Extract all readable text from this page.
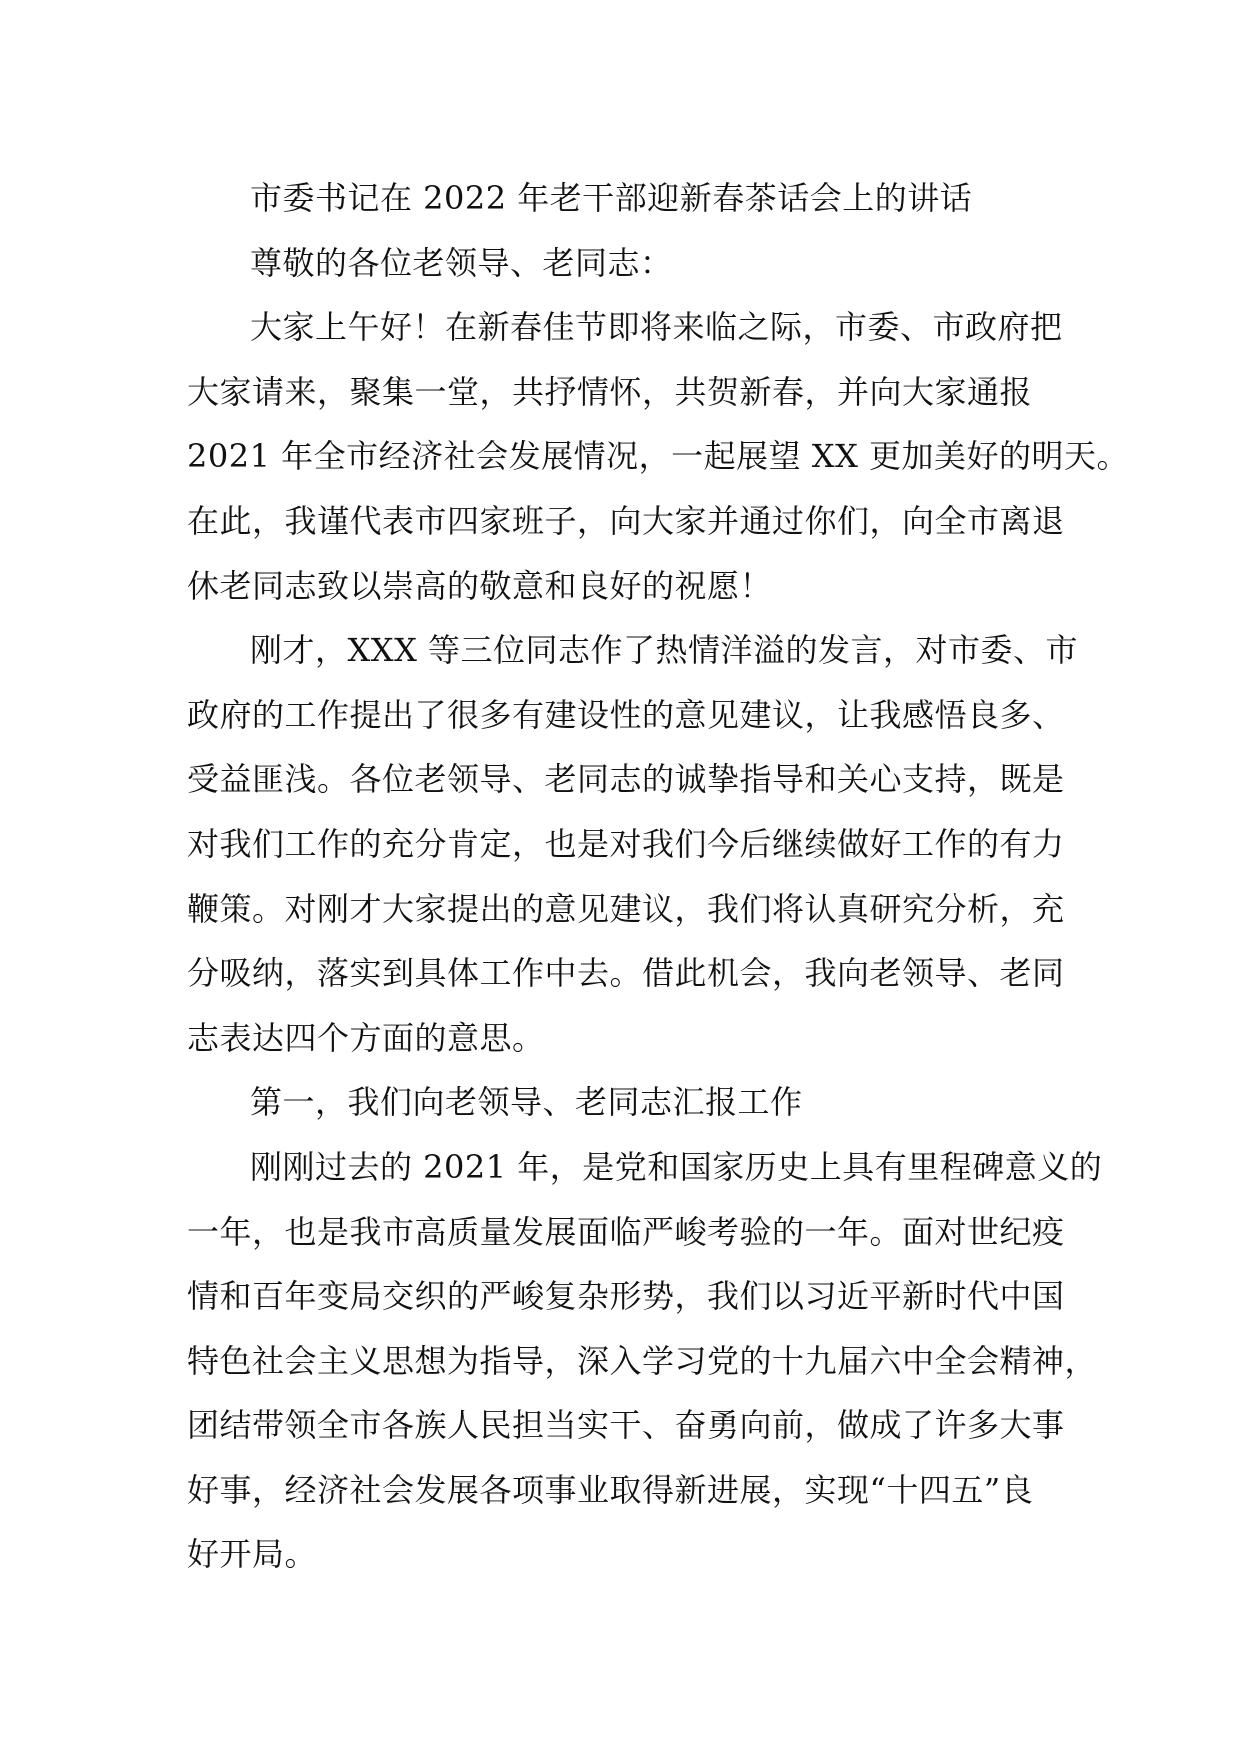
市委书记在 2022 年老干部迎新春茶话会上的讲话
尊敬的各位老领导、老同志：
大家上午好！在新春佳节即将来临之际，市委、市政府把
大家请来，聚集一堂，共抒情怀，共贺新春，并向大家通报
2021 年全市经济社会发展情况，一起展望 XX 更加美好的明天。
在此，我谨代表市四家班子，向大家并通过你们，向全市离退
休老同志致以崇高的敬意和良好的祝愿！
刚才，XXX 等三位同志作了热情洋溢的发言，对市委、市
政府的工作提出了很多有建设性的意见建议，让我感悟良多、
受益匪浅。各位老领导、老同志的诚挚指导和关心支持，既是
对我们工作的充分肯定，也是对我们今后继续做好工作的有力
鞭策。对刚才大家提出的意见建议，我们将认真研究分析，充
分吸纳，落实到具体工作中去。借此机会，我向老领导、老同
志表达四个方面的意思。
第一，我们向老领导、老同志汇报工作
刚刚过去的 2021 年，是党和国家历史上具有里程碑意义的
一年，也是我市高质量发展面临严峻考验的一年。面对世纪疫
情和百年变局交织的严峻复杂形势，我们以习近平新时代中国
特色社会主义思想为指导，深入学习党的十九届六中全会精神，
团结带领全市各族人民担当实干、奋勇向前，做成了许多大事
好事，经济社会发展各项事业取得新进展，实现“十四五”良
好开局。
